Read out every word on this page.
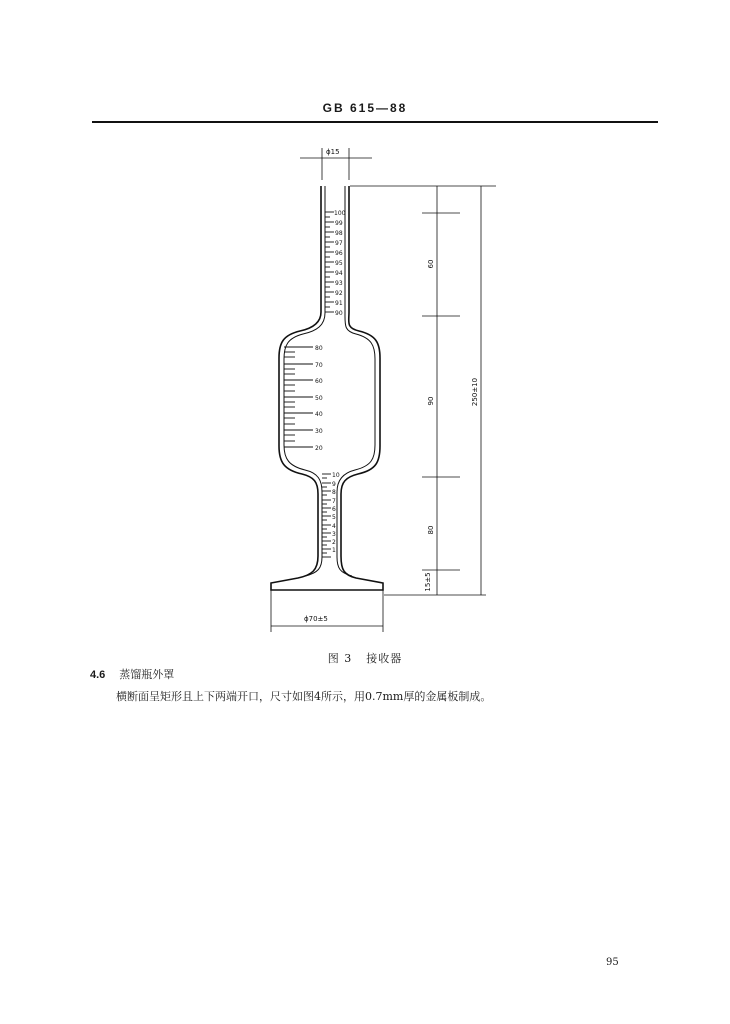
GB 615—88
ϕ15
100
99
98
97
96
95
94
93
92
91
90
80
70
60
50
40
30
20
10
9
8
7
6
5
4
3
2
1
60
90
80
15±5
250±10
ϕ70±5
图 3 接收器
4.6 蒸馏瓶外罩
横断面呈矩形且上下两端开口，尺寸如图4所示，用0.7mm厚的金属板制成。
95
